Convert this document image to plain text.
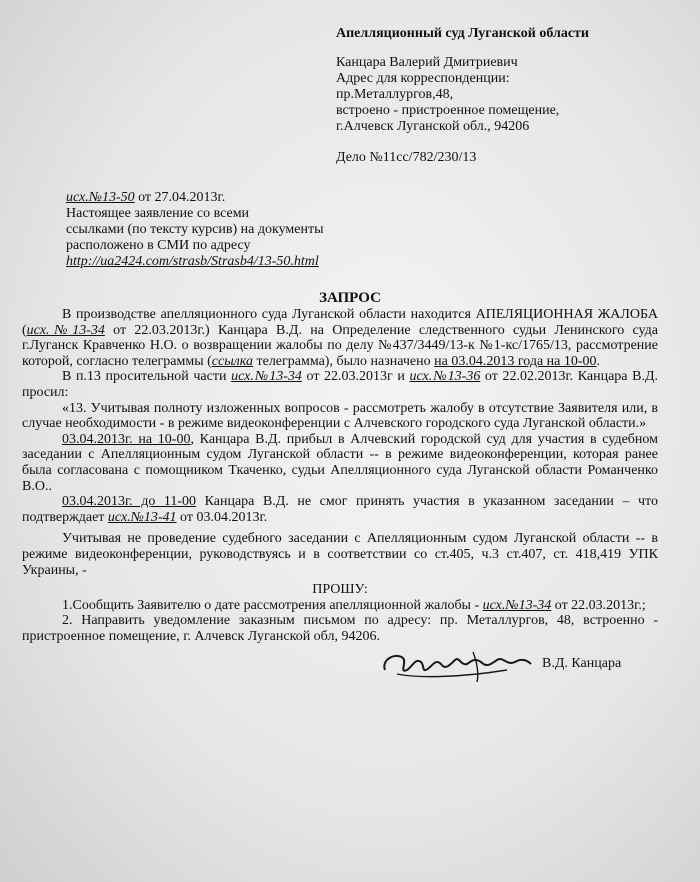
Апелляционный суд Луганской области
Канцара Валерий Дмитриевич
Адрес для корреспонденции:
пр.Металлургов,48,
встроено - пристроенное помещение,
г.Алчевск Луганской обл., 94206
Дело №11сс/782/230/13
исх.№13-50 от 27.04.2013г.
Настоящее заявление со всеми
ссылками (по тексту курсив) на документы
расположено в СМИ по адресу
http://ua2424.com/strasb/Strasb4/13-50.html
ЗАПРОС

В производстве апелляционного суда Луганской области находится АПЕЛЯЦИОННАЯ ЖАЛОБА (исх.№13-34 от 22.03.2013г.) Канцара В.Д. на Определение следственного судьи Ленинского суда г.Луганск Кравченко Н.О. о возвращении жалобы по делу №437/3449/13-к №1-кс/1765/13, рассмотрение которой, согласно телеграммы (ссылка телеграмма), было назначено на 03.04.2013 года на 10-00.

В п.13 просительной части исх.№13-34 от 22.03.2013г и исх.№13-36 от 22.02.2013г. Канцара В.Д. просил:

«13. Учитывая полноту изложенных вопросов - рассмотреть жалобу в отсутствие Заявителя или, в случае необходимости - в режиме видеоконференции с Алчевского городского суда Луганской области.»

03.04.2013г. на 10-00, Канцара В.Д. прибыл в Алчевский городской суд для участия в судебном заседании с Апелляционным судом Луганской области -- в режиме видеоконференции, которая ранее была согласована с помощником Ткаченко, судьи Апелляционного суда Луганской области Романченко В.О..

03.04.2013г. до 11-00 Канцара В.Д. не смог принять участия в указанном заседании – что подтверждает исх.№13-41 от 03.04.2013г.

Учитывая не проведение судебного заседании с Апелляционным судом Луганской области -- в режиме видеоконференции, руководствуясь и в соответствии со ст.405, ч.3 ст.407, ст. 418,419 УПК Украины, -

ПРОШУ:

1.Сообщить Заявителю о дате рассмотрения апелляционной жалобы - исх.№13-34 от 22.03.2013г.;

2. Направить уведомление заказным письмом по адресу: пр. Металлургов, 48, встроенно - пристроенное помещение, г. Алчевск Луганской обл, 94206.

В.Д. Канцара
